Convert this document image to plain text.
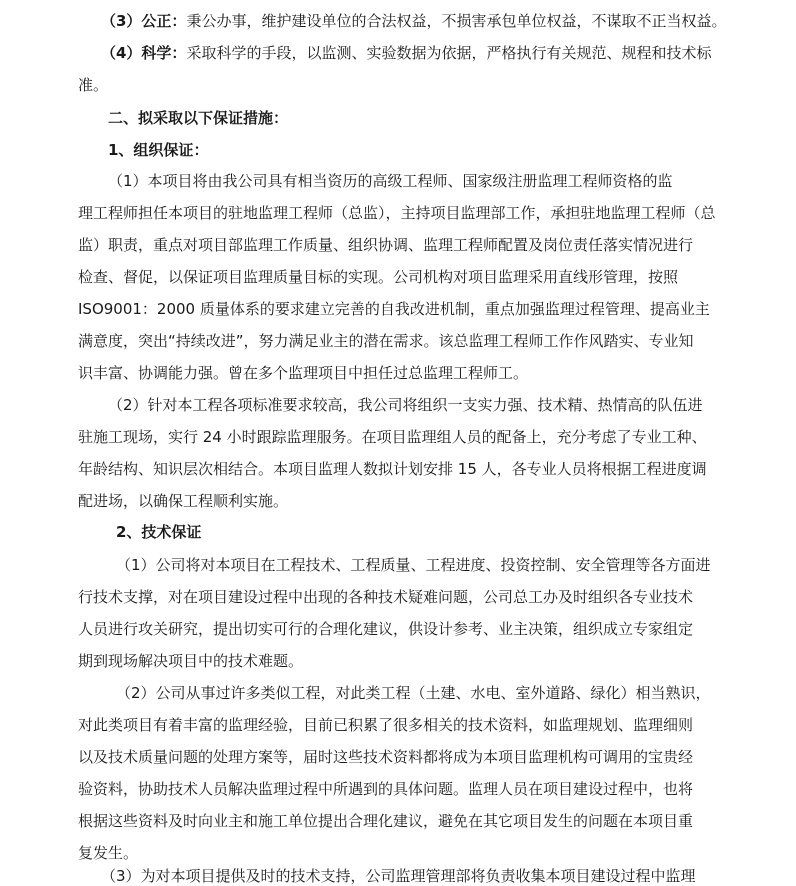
（3）公正：秉公办事，维护建设单位的合法权益，不损害承包单位权益，不谋取不正当权益。
（4）科学：采取科学的手段，以监测、实验数据为依据，严格执行有关规范、规程和技术标
准。
二、拟采取以下保证措施：
1、组织保证：
（1）本项目将由我公司具有相当资历的高级工程师、国家级注册监理工程师资格的监
理工程师担任本项目的驻地监理工程师（总监），主持项目监理部工作，承担驻地监理工程师（总
监）职责，重点对项目部监理工作质量、组织协调、监理工程师配置及岗位责任落实情况进行
检查、督促，以保证项目监理质量目标的实现。公司机构对项目监理采用直线形管理，按照
ISO9001：2000 质量体系的要求建立完善的自我改进机制，重点加强监理过程管理、提高业主
满意度，突出“持续改进”，努力满足业主的潜在需求。该总监理工程师工作作风踏实、专业知
识丰富、协调能力强。曾在多个监理项目中担任过总监理工程师工。
（2）针对本工程各项标准要求较高，我公司将组织一支实力强、技术精、热情高的队伍进
驻施工现场，实行 24 小时跟踪监理服务。在项目监理组人员的配备上，充分考虑了专业工种、
年龄结构、知识层次相结合。本项目监理人数拟计划安排 15 人，各专业人员将根据工程进度调
配进场，以确保工程顺利实施。
2、技术保证
（1）公司将对本项目在工程技术、工程质量、工程进度、投资控制、安全管理等各方面进
行技术支撑，对在项目建设过程中出现的各种技术疑难问题，公司总工办及时组织各专业技术
人员进行攻关研究，提出切实可行的合理化建议，供设计参考、业主决策，组织成立专家组定
期到现场解决项目中的技术难题。
（2）公司从事过许多类似工程，对此类工程（土建、水电、室外道路、绿化）相当熟识，
对此类项目有着丰富的监理经验，目前已积累了很多相关的技术资料，如监理规划、监理细则
以及技术质量问题的处理方案等，届时这些技术资料都将成为本项目监理机构可调用的宝贵经
验资料，协助技术人员解决监理过程中所遇到的具体问题。监理人员在项目建设过程中，也将
根据这些资料及时向业主和施工单位提出合理化建议，避免在其它项目发生的问题在本项目重
复发生。
（3）为对本项目提供及时的技术支持，公司监理管理部将负责收集本项目建设过程中监理
